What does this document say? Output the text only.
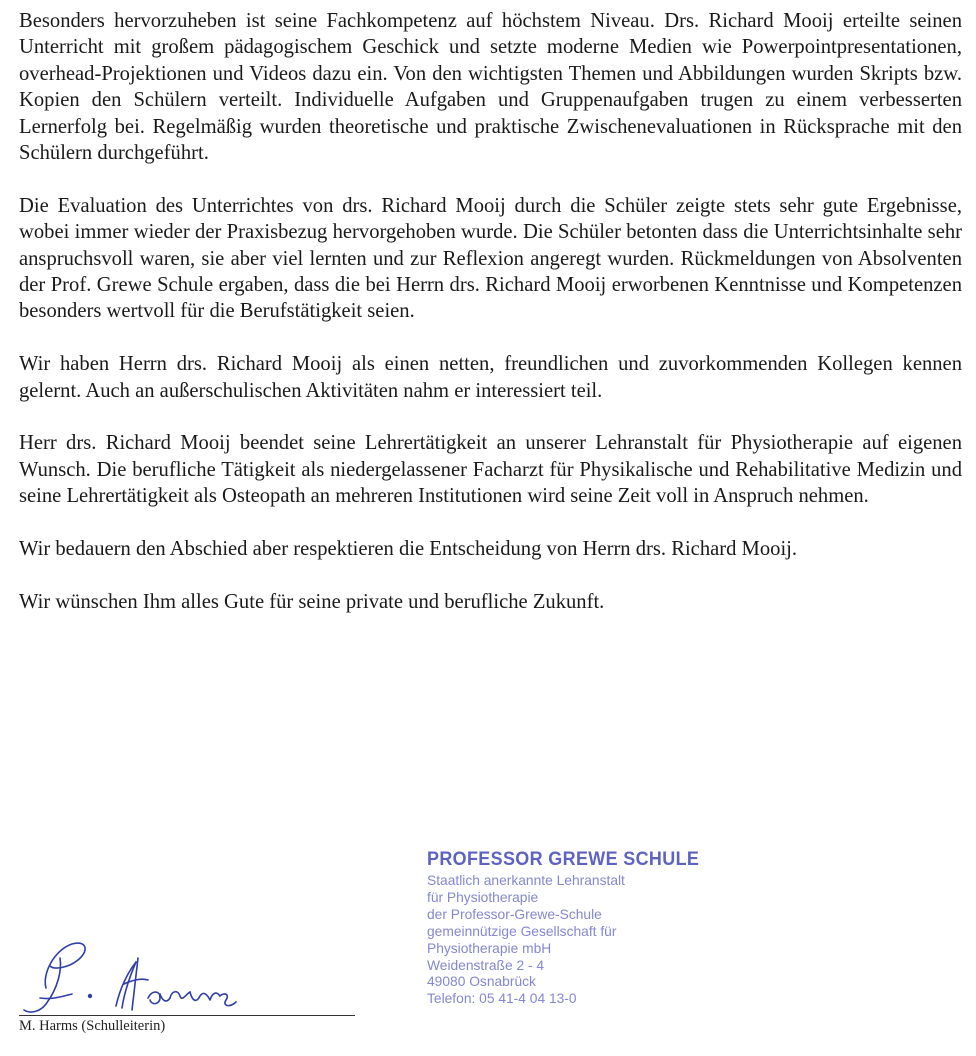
Besonders hervorzuheben ist seine Fachkompetenz auf höchstem Niveau. Drs. Richard Mooij erteilte seinen Unterricht mit großem pädagogischem Geschick und setzte moderne Medien wie Powerpointpresentationen, overhead-Projektionen und Videos dazu ein. Von den wichtigsten Themen und Abbildungen wurden Skripts bzw. Kopien den Schülern verteilt. Individuelle Aufgaben und Gruppenaufgaben trugen zu einem verbesserten Lernerfolg bei. Regelmäßig wurden theoretische und praktische Zwischenevaluationen in Rücksprache mit den Schülern durchgeführt.

Die Evaluation des Unterrichtes von drs. Richard Mooij durch die Schüler zeigte stets sehr gute Ergebnisse, wobei immer wieder der Praxisbezug hervorgehoben wurde. Die Schüler betonten dass die Unterrichtsinhalte sehr anspruchsvoll waren, sie aber viel lernten und zur Reflexion angeregt wurden. Rückmeldungen von Absolventen der Prof. Grewe Schule ergaben, dass die bei Herrn drs. Richard Mooij erworbenen Kenntnisse und Kompetenzen besonders wertvoll für die Berufstätigkeit seien.

Wir haben Herrn drs. Richard Mooij als einen netten, freundlichen und zuvorkommenden Kollegen kennen gelernt. Auch an außerschulischen Aktivitäten nahm er interessiert teil.

Herr drs. Richard Mooij beendet seine Lehrertätigkeit an unserer Lehranstalt für Physiotherapie auf eigenen Wunsch. Die berufliche Tätigkeit als niedergelassener Facharzt für Physikalische und Rehabilitative Medizin und seine Lehrertätigkeit als Osteopath an mehreren Institutionen wird seine Zeit voll in Anspruch nehmen.

Wir bedauern den Abschied aber respektieren die Entscheidung von Herrn drs. Richard Mooij.

Wir wünschen Ihm alles Gute für seine private und berufliche Zukunft.

PROFESSOR GREWE SCHULE
Staatlich anerkannte Lehranstalt
für Physiotherapie
der Professor-Grewe-Schule
gemeinnützige Gesellschaft für
Physiotherapie mbH
Weidenstraße 2 - 4
49080 Osnabrück
Telefon: 05 41-4 04 13-0
M. Harms (Schulleiterin)
